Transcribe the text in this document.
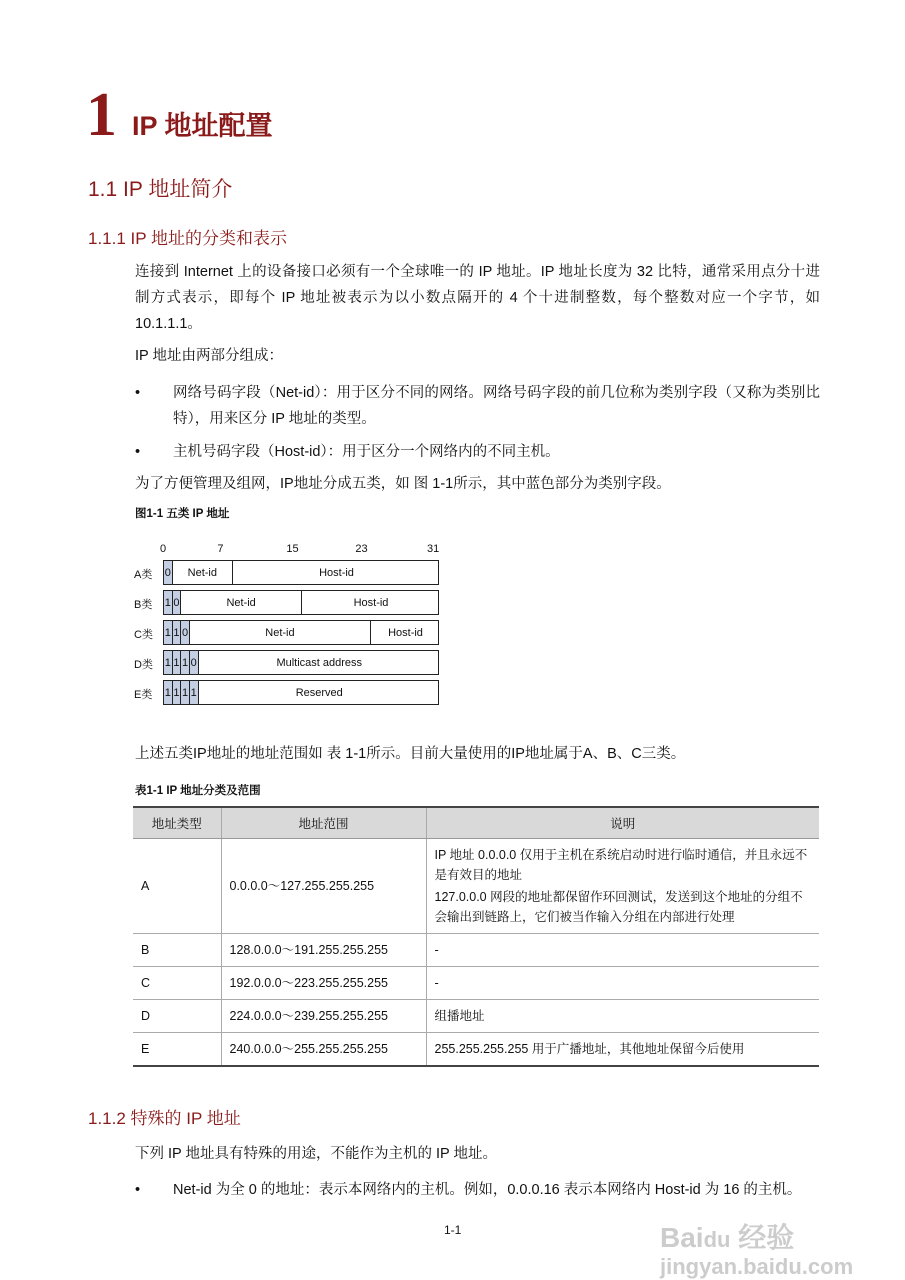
1 IP 地址配置
1.1 IP 地址简介
1.1.1 IP 地址的分类和表示
连接到 Internet 上的设备接口必须有一个全球唯一的 IP 地址。IP 地址长度为 32 比特，通常采用点分十进制方式表示，即每个 IP 地址被表示为以小数点隔开的 4 个十进制整数，每个整数对应一个字节，如 10.1.1.1。
IP 地址由两部分组成：
• 网络号码字段（Net-id）：用于区分不同的网络。网络号码字段的前几位称为类别字段（又称为类别比特），用来区分 IP 地址的类型。
• 主机号码字段（Host-id）：用于区分一个网络内的不同主机。
为了方便管理及组网，IP地址分成五类，如 图 1-1所示，其中蓝色部分为类别字段。
图1-1 五类 IP 地址
0	7	15	23	31
A类 0	Net-id	Host-id
B类 1 0	Net-id	Host-id
C类 1 1 0	Net-id	Host-id
D类 1 1 1 0	Multicast address
E类 1 1 1 1	Reserved
上述五类IP地址的地址范围如 表 1-1所示。目前大量使用的IP地址属于A、B、C三类。
表1-1 IP 地址分类及范围
地址类型	地址范围	说明
A	0.0.0.0～127.255.255.255	IP 地址 0.0.0.0 仅用于主机在系统启动时进行临时通信，并且永远不是有效目的地址
127.0.0.0 网段的地址都保留作环回测试，发送到这个地址的分组不会输出到链路上，它们被当作输入分组在内部进行处理

B	128.0.0.0～191.255.255.255	-

C	192.0.0.0～223.255.255.255	-

D	224.0.0.0～239.255.255.255	组播地址

E	240.0.0.0～255.255.255.255	255.255.255.255 用于广播地址，其他地址保留今后使用
1.1.2 特殊的 IP 地址
下列 IP 地址具有特殊的用途，不能作为主机的 IP 地址。
• Net-id 为全 0 的地址：表示本网络内的主机。例如，0.0.0.16 表示本网络内 Host-id 为 16 的主机。
Baidu 经验
jingyan.baidu.com
1-1
